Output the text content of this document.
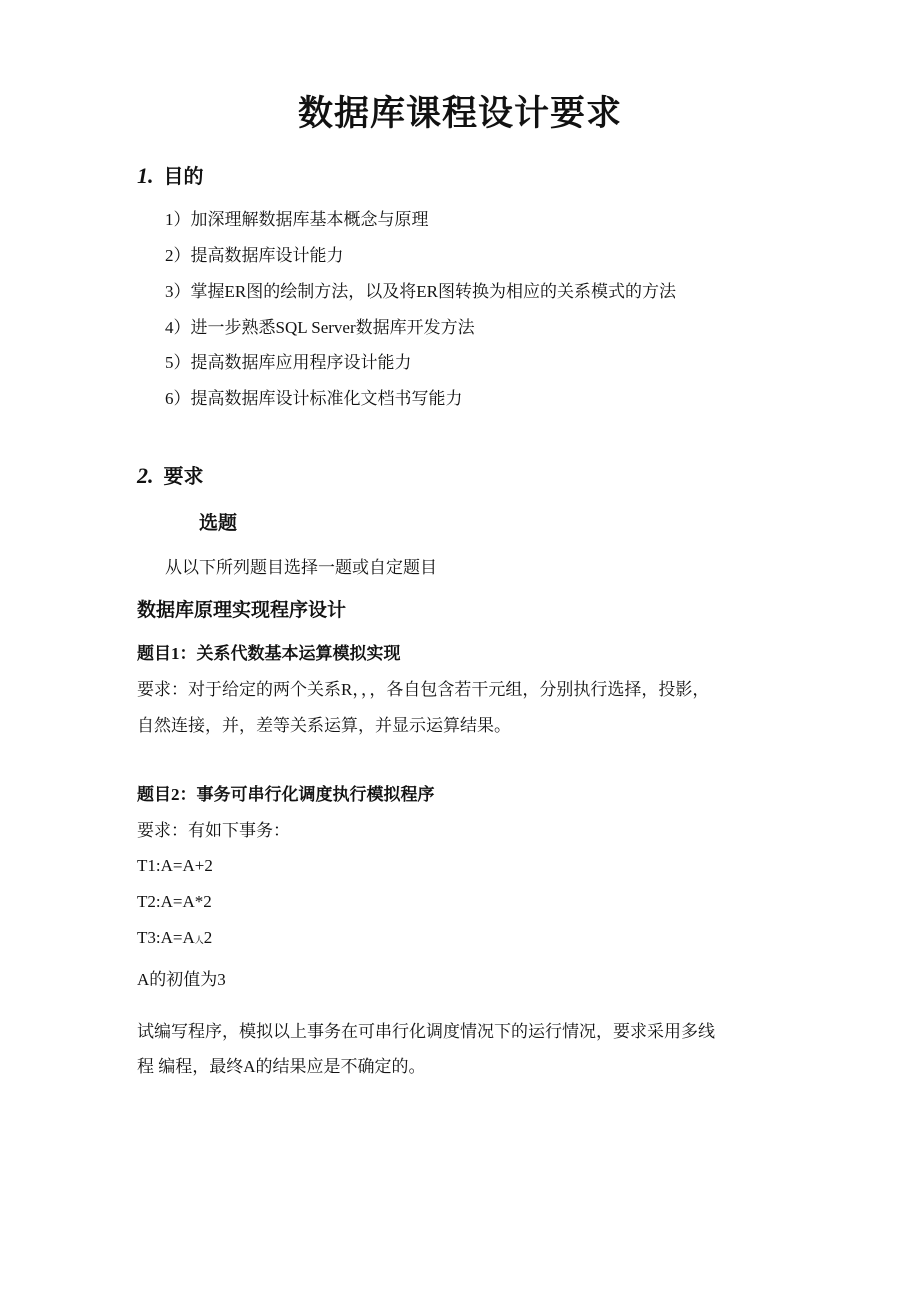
数据库课程设计要求
1. 目的
1）加深理解数据库基本概念与原理
2）提高数据库设计能力
3）掌握ER图的绘制方法，以及将ER图转换为相应的关系模式的方法
4）进一步熟悉SQL Server数据库开发方法
5）提高数据库应用程序设计能力
6）提高数据库设计标准化文档书写能力
2. 要求
选题
从以下所列题目选择一题或自定题目
数据库原理实现程序设计
题目1：关系代数基本运算模拟实现
要求：对于给定的两个关系R，，，各自包含若干元组，分别执行选择，投影，
自然连接，并，差等关系运算，并显示运算结果。
题目2：事务可串行化调度执行模拟程序
要求：有如下事务：
T1:A=A+2
T2:A=A*2
T3:A=A人2
A的初值为3
试编写程序，模拟以上事务在可串行化调度情况下的运行情况，要求采用多线
程 编程，最终A的结果应是不确定的。
